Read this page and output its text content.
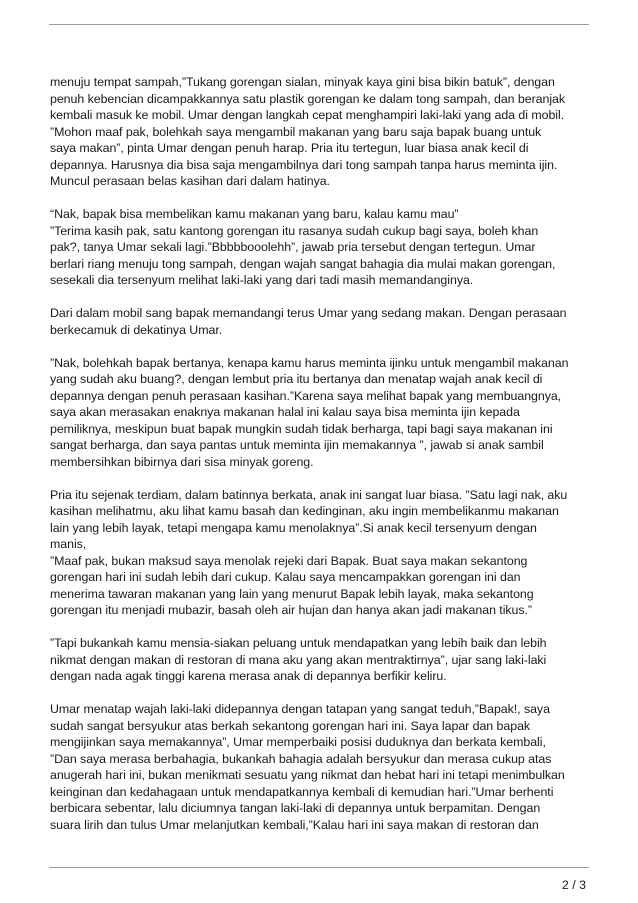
menuju tempat sampah,”Tukang gorengan sialan, minyak kaya gini bisa bikin batuk”, dengan
penuh kebencian dicampakkannya satu plastik gorengan ke dalam tong sampah, dan beranjak
kembali masuk ke mobil. Umar dengan langkah cepat menghampiri laki-laki yang ada di mobil.
”Mohon maaf pak, bolehkah saya mengambil makanan yang baru saja bapak buang untuk
saya makan”, pinta Umar dengan penuh harap. Pria itu tertegun, luar biasa anak kecil di
depannya. Harusnya dia bisa saja mengambilnya dari tong sampah tanpa harus meminta ijin.
Muncul perasaan belas kasihan dari dalam hatinya.

“Nak, bapak bisa membelikan kamu makanan yang baru, kalau kamu mau”
”Terima kasih pak, satu kantong gorengan itu rasanya sudah cukup bagi saya, boleh khan
pak?, tanya Umar sekali lagi.”Bbbbbooolehh”, jawab pria tersebut dengan tertegun. Umar
berlari riang menuju tong sampah, dengan wajah sangat bahagia dia mulai makan gorengan,
sesekali dia tersenyum melihat laki-laki yang dari tadi masih memandanginya.

Dari dalam mobil sang bapak memandangi terus Umar yang sedang makan. Dengan perasaan
berkecamuk di dekatinya Umar.

”Nak, bolehkah bapak bertanya, kenapa kamu harus meminta ijinku untuk mengambil makanan
yang sudah aku buang?, dengan lembut pria itu bertanya dan menatap wajah anak kecil di
depannya dengan penuh perasaan kasihan.”Karena saya melihat bapak yang membuangnya,
saya akan merasakan enaknya makanan halal ini kalau saya bisa meminta ijin kepada
pemiliknya, meskipun buat bapak mungkin sudah tidak berharga, tapi bagi saya makanan ini
sangat berharga, dan saya pantas untuk meminta ijin memakannya ”, jawab si anak sambil
membersihkan bibirnya dari sisa minyak goreng.

Pria itu sejenak terdiam, dalam batinnya berkata, anak ini sangat luar biasa. ”Satu lagi nak, aku
kasihan melihatmu, aku lihat kamu basah dan kedinginan, aku ingin membelikanmu makanan
lain yang lebih layak, tetapi mengapa kamu menolaknya”.Si anak kecil tersenyum dengan
manis,
”Maaf pak, bukan maksud saya menolak rejeki dari Bapak. Buat saya makan sekantong
gorengan hari ini sudah lebih dari cukup. Kalau saya mencampakkan gorengan ini dan
menerima tawaran makanan yang lain yang menurut Bapak lebih layak, maka sekantong
gorengan itu menjadi mubazir, basah oleh air hujan dan hanya akan jadi makanan tikus.”

”Tapi bukankah kamu mensia-siakan peluang untuk mendapatkan yang lebih baik dan lebih
nikmat dengan makan di restoran di mana aku yang akan mentraktirnya”, ujar sang laki-laki
dengan nada agak tinggi karena merasa anak di depannya berfikir keliru.

Umar menatap wajah laki-laki didepannya dengan tatapan yang sangat teduh,”Bapak!, saya
sudah sangat bersyukur atas berkah sekantong gorengan hari ini. Saya lapar dan bapak
mengijinkan saya memakannya”, Umar memperbaiki posisi duduknya dan berkata kembali,
”Dan saya merasa berbahagia, bukankah bahagia adalah bersyukur dan merasa cukup atas
anugerah hari ini, bukan menikmati sesuatu yang nikmat dan hebat hari ini tetapi menimbulkan
keinginan dan kedahagaan untuk mendapatkannya kembali di kemudian hari.”Umar berhenti
berbicara sebentar, lalu diciumnya tangan laki-laki di depannya untuk berpamitan. Dengan
suara lirih dan tulus Umar melanjutkan kembali,”Kalau hari ini saya makan di restoran dan

2 / 3
